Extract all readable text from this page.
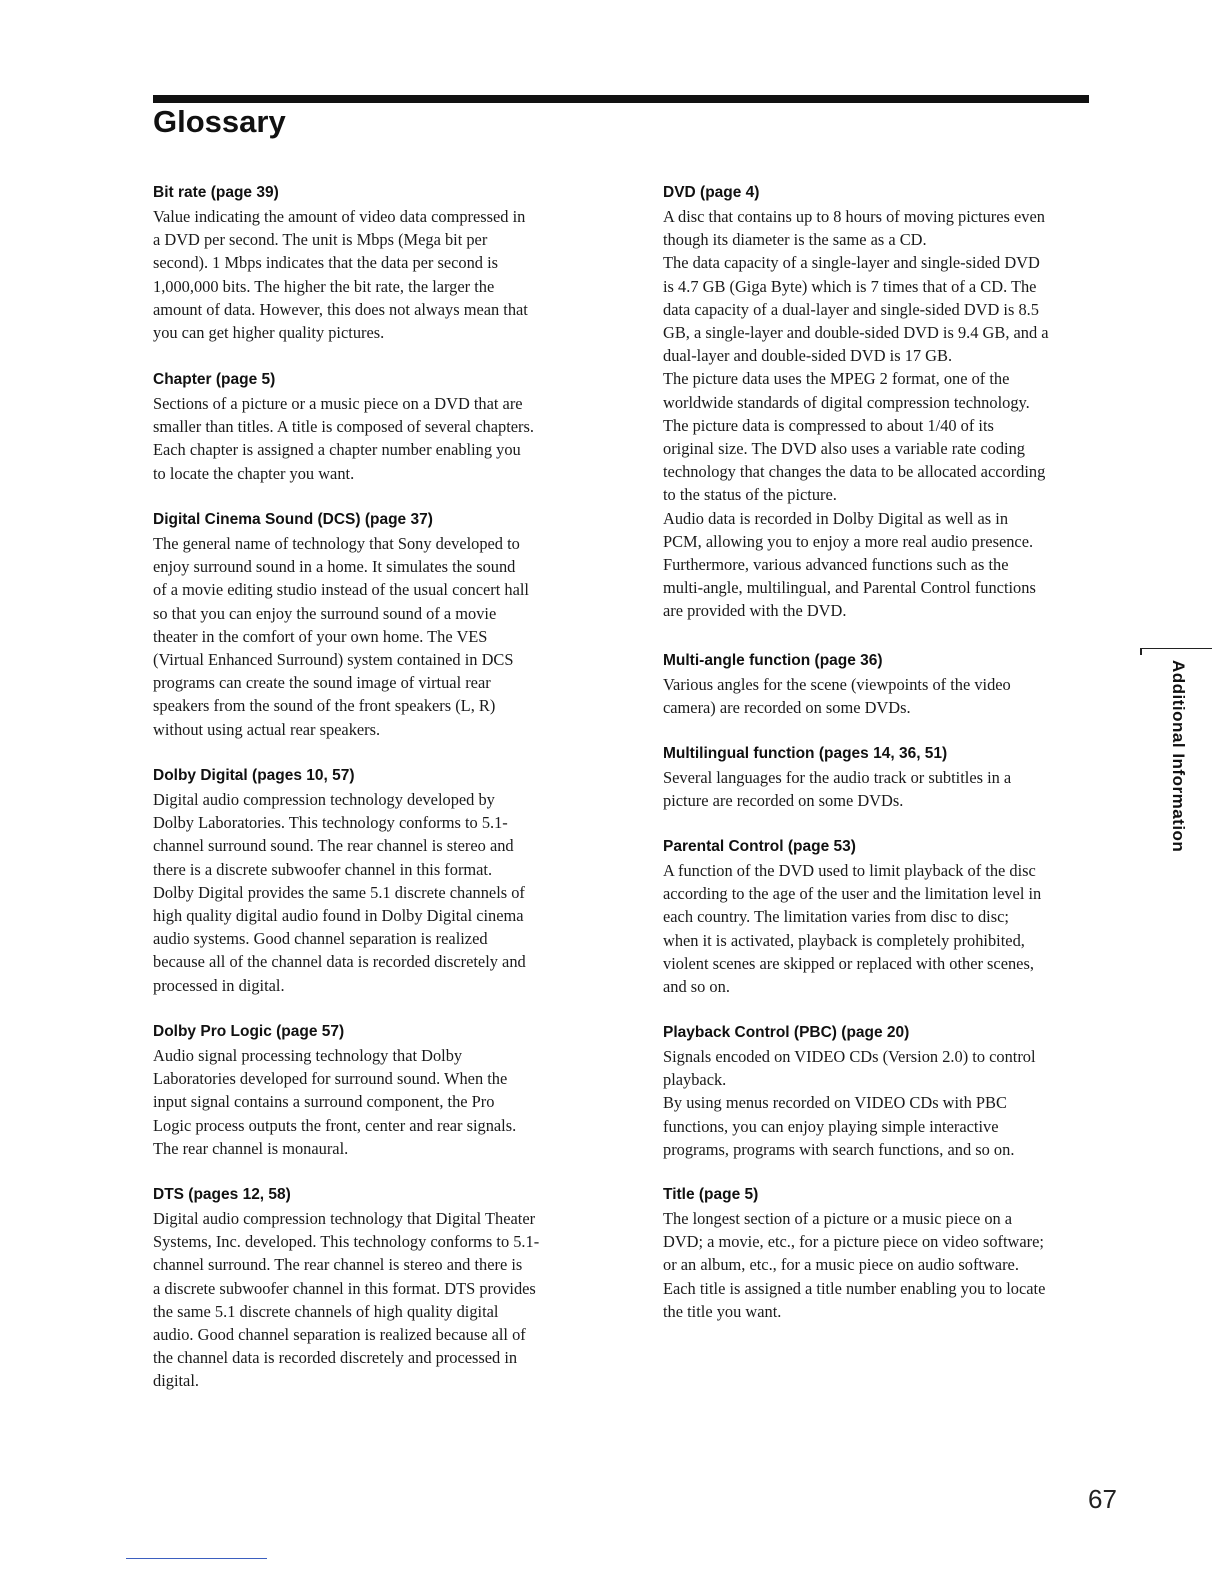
Glossary
Bit rate (page 39)

Value indicating the amount of video data compressed in

a DVD per second. The unit is Mbps (Mega bit per

second). 1 Mbps indicates that the data per second is

1,000,000 bits. The higher the bit rate, the larger the

amount of data. However, this does not always mean that

you can get higher quality pictures.

Chapter (page 5)

Sections of a picture or a music piece on a DVD that are

smaller than titles. A title is composed of several chapters.

Each chapter is assigned a chapter number enabling you

to locate the chapter you want.

Digital Cinema Sound (DCS) (page 37)

The general name of technology that Sony developed to

enjoy surround sound in a home. It simulates the sound

of a movie editing studio instead of the usual concert hall

so that you can enjoy the surround sound of a movie

theater in the comfort of your own home. The VES

(Virtual Enhanced Surround) system contained in DCS

programs can create the sound image of virtual rear

speakers from the sound of the front speakers (L, R)

without using actual rear speakers.

Dolby Digital (pages 10, 57)

Digital audio compression technology developed by

Dolby Laboratories. This technology conforms to 5.1-

channel surround sound. The rear channel is stereo and

there is a discrete subwoofer channel in this format.

Dolby Digital provides the same 5.1 discrete channels of

high quality digital audio found in Dolby Digital cinema

audio systems. Good channel separation is realized

because all of the channel data is recorded discretely and

processed in digital.

Dolby Pro Logic (page 57)

Audio signal processing technology that Dolby

Laboratories developed for surround sound. When the

input signal contains a surround component, the Pro

Logic process outputs the front, center and rear signals.

The rear channel is monaural.

DTS (pages 12, 58)

Digital audio compression technology that Digital Theater

Systems, Inc. developed. This technology conforms to 5.1-

channel surround. The rear channel is stereo and there is

a discrete subwoofer channel in this format. DTS provides

the same 5.1 discrete channels of high quality digital

audio. Good channel separation is realized because all of

the channel data is recorded discretely and processed in

digital.

DVD (page 4)

A disc that contains up to 8 hours of moving pictures even

though its diameter is the same as a CD.

The data capacity of a single-layer and single-sided DVD

is 4.7 GB (Giga Byte) which is 7 times that of a CD. The

data capacity of a dual-layer and single-sided DVD is 8.5

GB, a single-layer and double-sided DVD is 9.4 GB, and a

dual-layer and double-sided DVD is 17 GB.

The picture data uses the MPEG 2 format, one of the

worldwide standards of digital compression technology.

The picture data is compressed to about 1/40 of its

original size. The DVD also uses a variable rate coding

technology that changes the data to be allocated according

to the status of the picture.

Audio data is recorded in Dolby Digital as well as in

PCM, allowing you to enjoy a more real audio presence.

Furthermore, various advanced functions such as the

multi-angle, multilingual, and Parental Control functions

are provided with the DVD.

Multi-angle function (page 36)

Various angles for the scene (viewpoints of the video

camera) are recorded on some DVDs.

Multilingual function (pages 14, 36, 51)

Several languages for the audio track or subtitles in a

picture are recorded on some DVDs.

Parental Control (page 53)

A function of the DVD used to limit playback of the disc

according to the age of the user and the limitation level in

each country. The limitation varies from disc to disc;

when it is activated, playback is completely prohibited,

violent scenes are skipped or replaced with other scenes,

and so on.

Playback Control (PBC) (page 20)

Signals encoded on VIDEO CDs (Version 2.0) to control

playback.

By using menus recorded on VIDEO CDs with PBC

functions, you can enjoy playing simple interactive

programs, programs with search functions, and so on.

Title (page 5)

The longest section of a picture or a music piece on a

DVD; a movie, etc., for a picture piece on video software;

or an album, etc., for a music piece on audio software.

Each title is assigned a title number enabling you to locate

the title you want.

Additional Information
67
